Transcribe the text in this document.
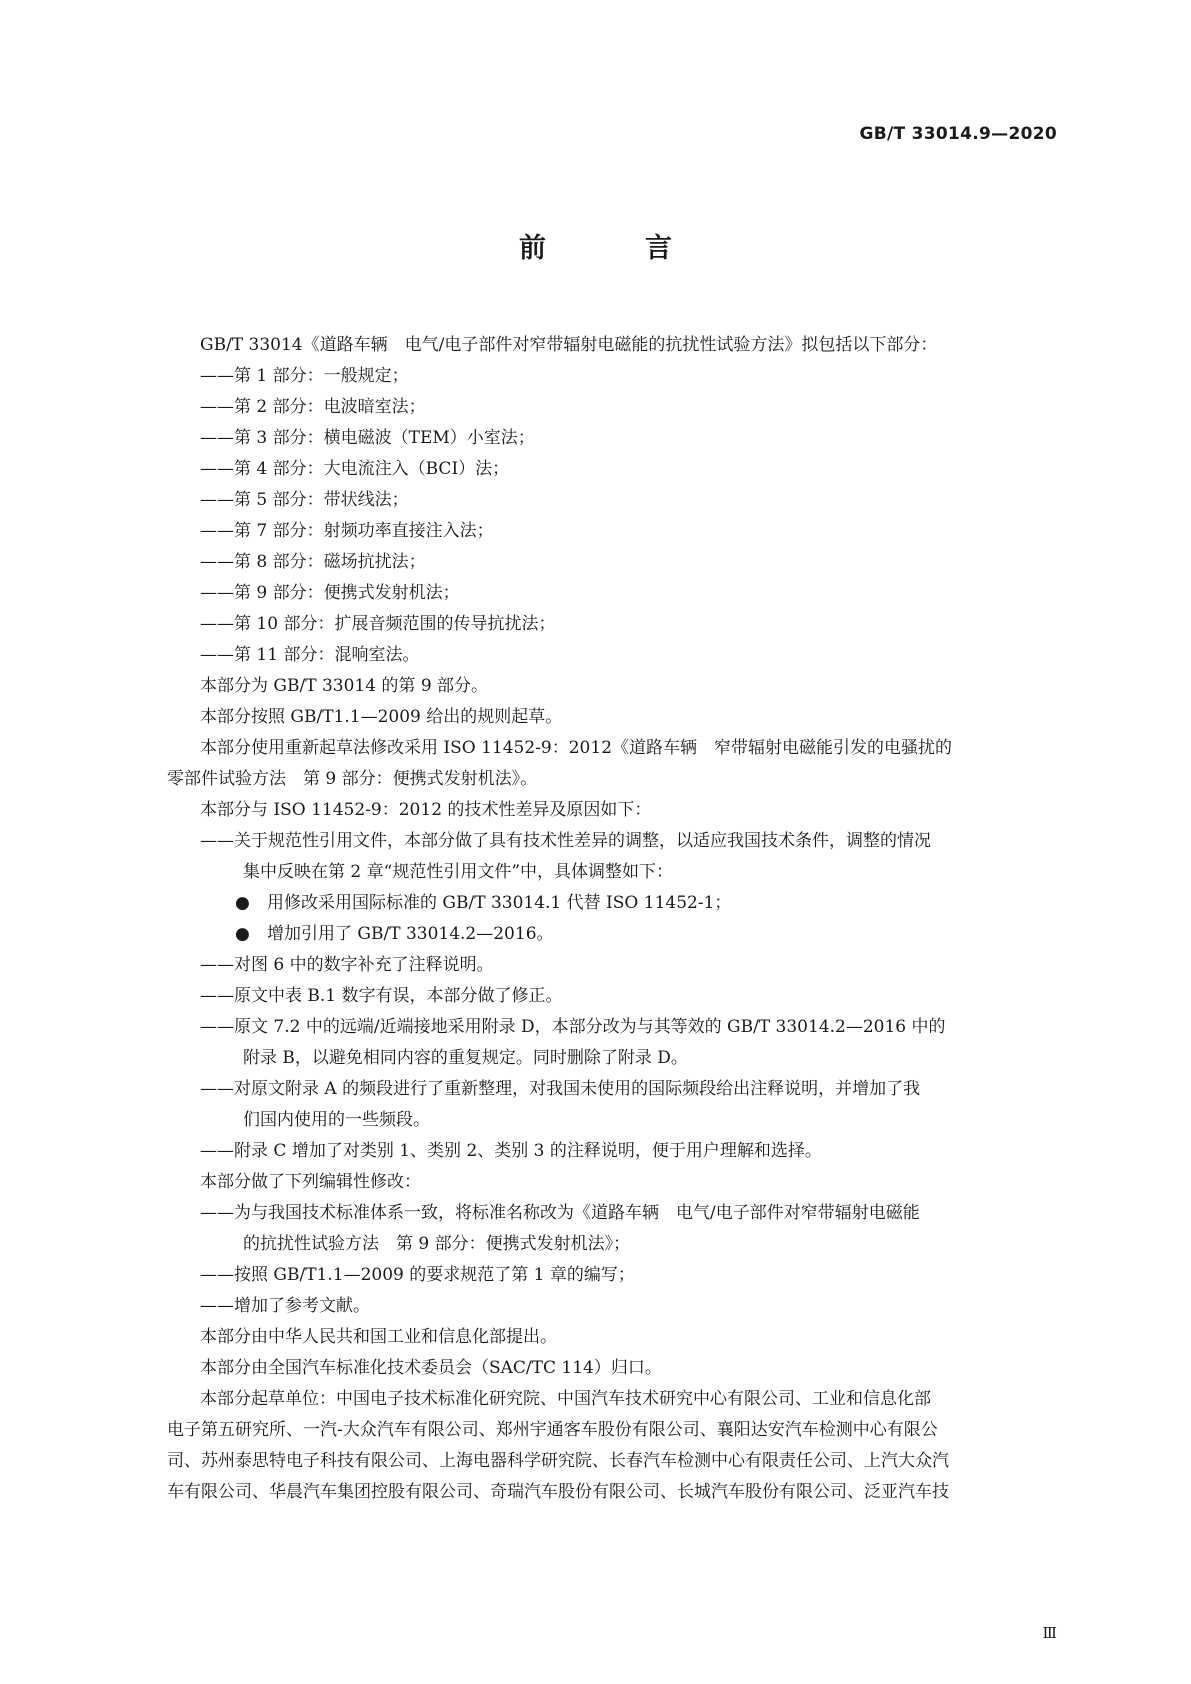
GB/T 33014.9—2020
前　言
GB/T 33014《道路车辆　电气/电子部件对窄带辐射电磁能的抗扰性试验方法》拟包括以下部分：
——第 1 部分：一般规定；
——第 2 部分：电波暗室法；
——第 3 部分：横电磁波（TEM）小室法；
——第 4 部分：大电流注入（BCI）法；
——第 5 部分：带状线法；
——第 7 部分：射频功率直接注入法；
——第 8 部分：磁场抗扰法；
——第 9 部分：便携式发射机法；
——第 10 部分：扩展音频范围的传导抗扰法；
——第 11 部分：混响室法。
本部分为 GB/T 33014 的第 9 部分。
本部分按照 GB/T1.1—2009 给出的规则起草。
本部分使用重新起草法修改采用 ISO 11452-9：2012《道路车辆　窄带辐射电磁能引发的电骚扰的
零部件试验方法　第 9 部分：便携式发射机法》。
本部分与 ISO 11452-9：2012 的技术性差异及原因如下：
——关于规范性引用文件，本部分做了具有技术性差异的调整，以适应我国技术条件，调整的情况
集中反映在第 2 章“规范性引用文件”中，具体调整如下：
● 用修改采用国际标准的 GB/T 33014.1 代替 ISO 11452-1；
● 增加引用了 GB/T 33014.2—2016。
——对图 6 中的数字补充了注释说明。
——原文中表 B.1 数字有误，本部分做了修正。
——原文 7.2 中的远端/近端接地采用附录 D，本部分改为与其等效的 GB/T 33014.2—2016 中的
附录 B，以避免相同内容的重复规定。同时删除了附录 D。
——对原文附录 A 的频段进行了重新整理，对我国未使用的国际频段给出注释说明，并增加了我
们国内使用的一些频段。
——附录 C 增加了对类别 1、类别 2、类别 3 的注释说明，便于用户理解和选择。
本部分做了下列编辑性修改：
——为与我国技术标准体系一致，将标准名称改为《道路车辆　电气/电子部件对窄带辐射电磁能
的抗扰性试验方法　第 9 部分：便携式发射机法》；
——按照 GB/T1.1—2009 的要求规范了第 1 章的编写；
——增加了参考文献。
本部分由中华人民共和国工业和信息化部提出。
本部分由全国汽车标准化技术委员会（SAC/TC 114）归口。
本部分起草单位：中国电子技术标准化研究院、中国汽车技术研究中心有限公司、工业和信息化部
电子第五研究所、一汽-大众汽车有限公司、郑州宇通客车股份有限公司、襄阳达安汽车检测中心有限公
司、苏州泰思特电子科技有限公司、上海电器科学研究院、长春汽车检测中心有限责任公司、上汽大众汽
车有限公司、华晨汽车集团控股有限公司、奇瑞汽车股份有限公司、长城汽车股份有限公司、泛亚汽车技
Ⅲ
